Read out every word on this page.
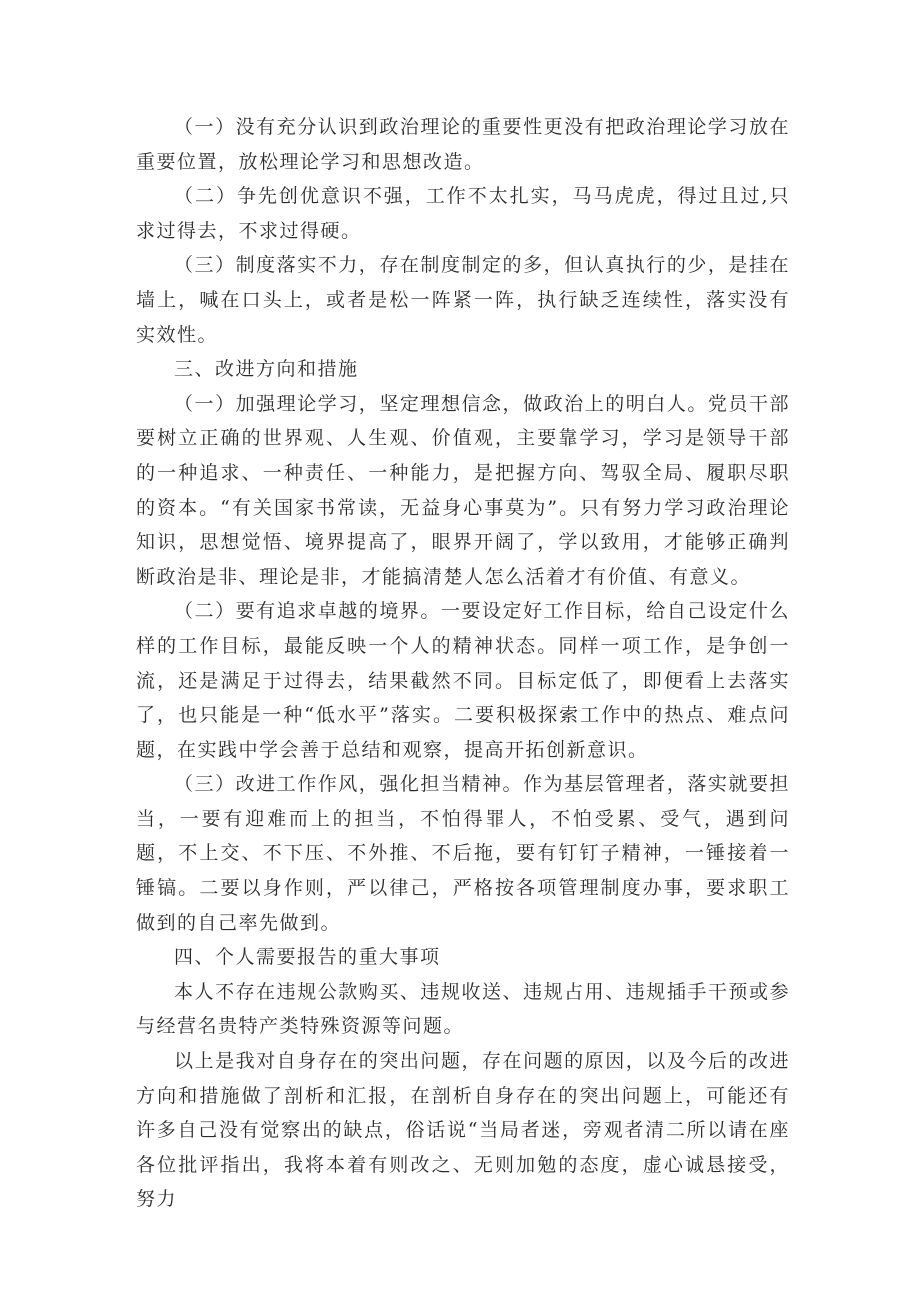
（一）没有充分认识到政治理论的重要性更没有把政治理论学习放在重要位置，放松理论学习和思想改造。

（二）争先创优意识不强，工作不太扎实，马马虎虎，得过且过,只求过得去，不求过得硬。

（三）制度落实不力，存在制度制定的多，但认真执行的少，是挂在墙上，喊在口头上，或者是松一阵紧一阵，执行缺乏连续性，落实没有实效性。

三、改进方向和措施

（一）加强理论学习，坚定理想信念，做政治上的明白人。党员干部要树立正确的世界观、人生观、价值观，主要靠学习，学习是领导干部的一种追求、一种责任、一种能力，是把握方向、驾驭全局、履职尽职的资本。“有关国家书常读，无益身心事莫为”。只有努力学习政治理论知识，思想觉悟、境界提高了，眼界开阔了，学以致用，才能够正确判断政治是非、理论是非，才能搞清楚人怎么活着才有价值、有意义。

（二）要有追求卓越的境界。一要设定好工作目标，给自己设定什么样的工作目标，最能反映一个人的精神状态。同样一项工作，是争创一流，还是满足于过得去，结果截然不同。目标定低了，即便看上去落实了，也只能是一种“低水平”落实。二要积极探索工作中的热点、难点问题，在实践中学会善于总结和观察，提高开拓创新意识。

（三）改进工作作风，强化担当精神。作为基层管理者，落实就要担当，一要有迎难而上的担当，不怕得罪人，不怕受累、受气，遇到问题，不上交、不下压、不外推、不后拖，要有钉钉子精神，一锤接着一锤镐。二要以身作则，严以律己，严格按各项管理制度办事，要求职工做到的自己率先做到。

四、个人需要报告的重大事项

本人不存在违规公款购买、违规收送、违规占用、违规插手干预或参与经营名贵特产类特殊资源等问题。

以上是我对自身存在的突出问题，存在问题的原因，以及今后的改进方向和措施做了剖析和汇报，在剖析自身存在的突出问题上，可能还有许多自己没有觉察出的缺点，俗话说“当局者迷，旁观者清二所以请在座各位批评指出，我将本着有则改之、无则加勉的态度，虚心诚恳接受，努力
